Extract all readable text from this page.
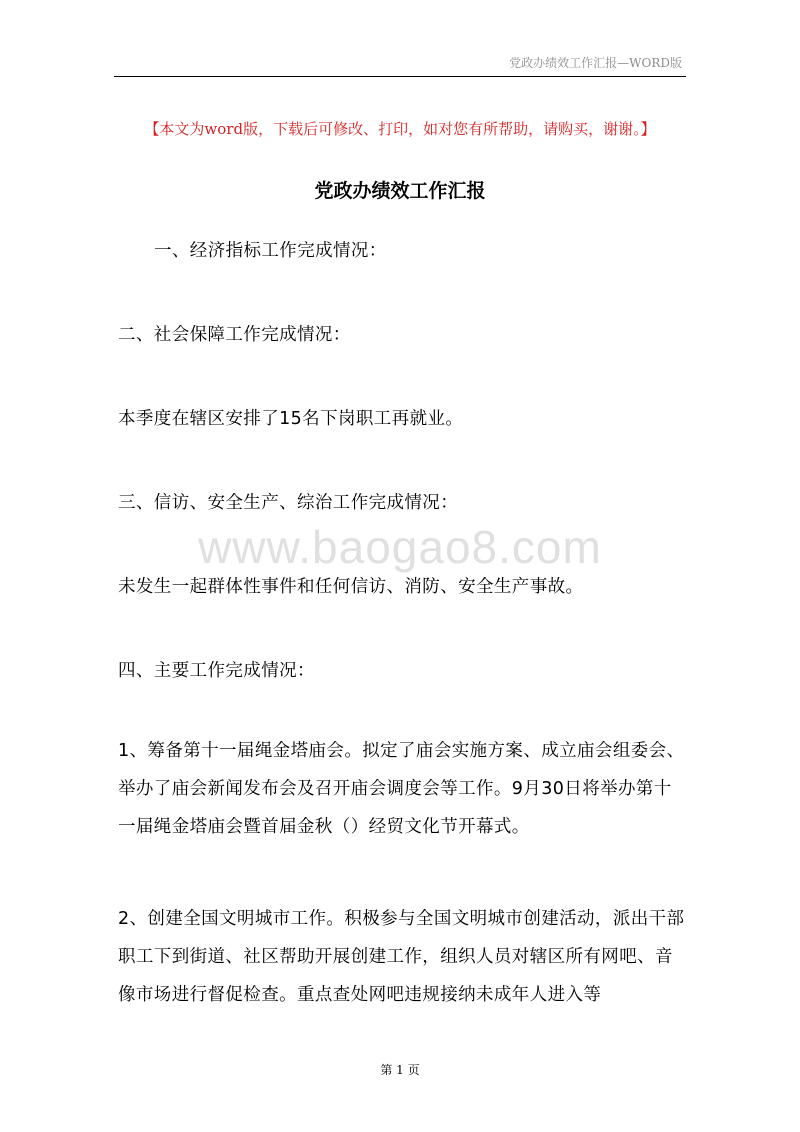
党政办绩效工作汇报—WORD版
【本文为word版，下载后可修改、打印，如对您有所帮助，请购买，谢谢。】
党政办绩效工作汇报
一、经济指标工作完成情况：
二、社会保障工作完成情况：
本季度在辖区安排了15名下岗职工再就业。
三、信访、安全生产、综治工作完成情况：
www.baogao8.com
未发生一起群体性事件和任何信访、消防、安全生产事故。
四、主要工作完成情况：
1、筹备第十一届绳金塔庙会。拟定了庙会实施方案、成立庙会组委会、举办了庙会新闻发布会及召开庙会调度会等工作。9月30日将举办第十一届绳金塔庙会暨首届金秋（）经贸文化节开幕式。
2、创建全国文明城市工作。积极参与全国文明城市创建活动，派出干部职工下到街道、社区帮助开展创建工作，组织人员对辖区所有网吧、音像市场进行督促检查。重点查处网吧违规接纳未成年人进入等
第 1 页
